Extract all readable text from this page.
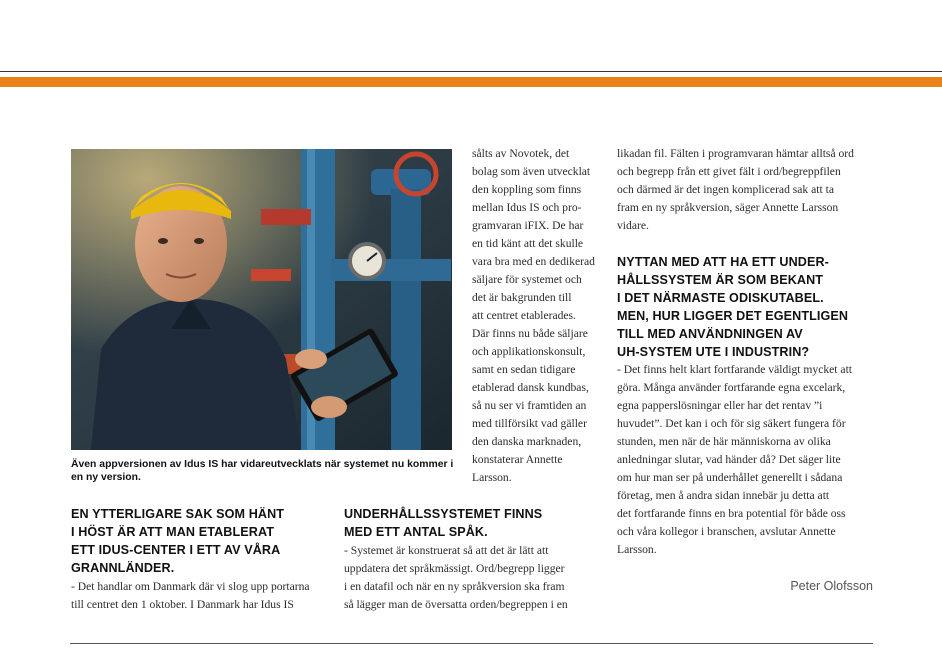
Även appversionen av Idus IS har vidareutvecklats när systemet nu kommer i en ny version.
EN YTTERLIGARE SAK SOM HÄNT
I HÖST ÄR ATT MAN ETABLERAT
ETT IDUS-CENTER I ETT AV VÅRA
GRANNLÄNDER.
- Det handlar om Danmark där vi slog upp portarna
till centret den 1 oktober. I Danmark har Idus IS
sålts av Novotek, det
bolag som även utvecklat
den koppling som finns
mellan Idus IS och pro-
gramvaran iFIX. De har
en tid känt att det skulle
vara bra med en dedikerad
säljare för systemet och
det är bakgrunden till
att centret etablerades.
Där finns nu både säljare
och applikationskonsult,
samt en sedan tidigare
etablerad dansk kundbas,
så nu ser vi framtiden an
med tillförsikt vad gäller
den danska marknaden,
konstaterar Annette
Larsson.
UNDERHÅLLSSYSTEMET FINNS
MED ETT ANTAL SPÅK.
- Systemet är konstruerat så att det är lätt att
uppdatera det språkmässigt. Ord/begrepp ligger
i en datafil och när en ny språkversion ska fram
så lägger man de översatta orden/begreppen i en
likadan fil. Fälten i programvaran hämtar alltså ord
och begrepp från ett givet fält i ord/begreppfilen
och därmed är det ingen komplicerad sak att ta
fram en ny språkversion, säger Annette Larsson
vidare.
NYTTAN MED ATT HA ETT UNDER-
HÅLLSSYSTEM ÄR SOM BEKANT
I DET NÄRMASTE ODISKUTABEL.
MEN, HUR LIGGER DET EGENTLIGEN
TILL MED ANVÄNDNINGEN AV
UH-SYSTEM UTE I INDUSTRIN?
- Det finns helt klart fortfarande väldigt mycket att
göra. Många använder fortfarande egna excelark,
egna papperslösningar eller har det rentav ”i
huvudet”. Det kan i och för sig säkert fungera för
stunden, men när de här människorna av olika
anledningar slutar, vad händer då? Det säger lite
om hur man ser på underhållet generellt i sådana
företag, men å andra sidan innebär ju detta att
det fortfarande finns en bra potential för både oss
och våra kollegor i branschen, avslutar Annette
Larsson.
Peter Olofsson
